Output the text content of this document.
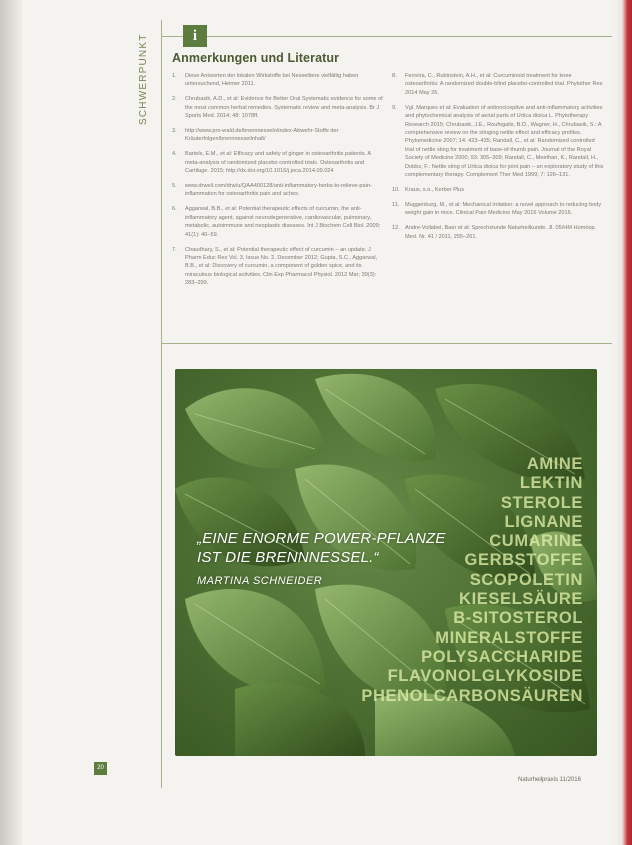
SCHWERPUNKT	i
Anmerkungen und Literatur
1.	Diese Antworten der lokalen Wirkstoffe bei Nesseltiere vielfältig haben untersuchend, Heimer 2011.
2.	Chrubasik, A.D., et al: Evidence for Better Oral Systematic evidence for some of the most common herbal remedies. Systematic review and meta-analysis. Br J Sports Med. 2014; 48: 1078ff.
3.	http://www.pro-wald.de/brennnesseln/index-Abwehr-Stoffe der Kräuterfolgen/brennnesselinhalt/
4.	Bartels, E.M., et al: Efficacy and safety of ginger in osteoarthritis patients. A meta-analysis of randomized placebo controlled trials. Osteoarthritis and Cartilage. 2015; http://dx.doi.org/10.1016/j.joca.2014.09.024
5.	www.drweil.com/drw/u/QAA400128/anti-inflammatory-herbs-to-relieve-pain-inflammation for osteoarthritis pain and aches.
6.	Aggarwal, B.B., et al: Potential therapeutic effects of curcumin, the anti-inflammatory agent, against neurodegenerative, cardiovascular, pulmonary, metabolic, autoimmune and neoplastic diseases. Int J Biochem Cell Biol. 2009; 41(1): 40–59.
7.	Chaudhary, S., et al: Potential therapeutic effect of curcumin – an update. J Pharm Educ Res Vol. 3, Issue No. 2, December 2012; Gupta, S.C., Aggarwal, B.B., et al: Discovery of curcumin, a component of golden spice, and its miraculous biological activities. Clin Exp Pharmacol Physiol. 2012 Mar; 39(3): 283–299.
8.	Ferreira, C., Rubinstein, A.H., et al: Curcuminoid treatment for knee osteoarthritis: A randomized double-blind placebo-controlled trial. Phytother Res 2014 May 26.
9.	Vgl. Marques et al: Evaluation of antinociceptive and anti-inflammatory activities and phytochemical analysis of aerial parts of Urtica dioica L. Phytotherapy Research 2015; Chrubasik, J.E., Roufogalis, B.D., Wagner, H., Chrubasik, S.: A comprehensive review on the stinging nettle effect and efficacy profiles. Phytomedicine 2007; 14: 423–435; Randall, C., et al: Randomized controlled trial of nettle sting for treatment of base-of-thumb pain. Journal of the Royal Society of Medicine 2000; 93: 305–309; Randall, C., Meethan, K., Randall, H., Dobbs, F.: Nettle sting of Urtica dioica for joint pain – an exploratory study of this complementary therapy. Complement Ther Med 1999; 7: 126–131.
10. Kraus, s.o., Kerber Plus
11.	Muggenburg, M., et al: Mechanical irritation: a novel approach to reducing body weight gain in mice. Clinical Pain Medicine May 2016 Volume 2016.
12. Andre-Vollabel, Baer et al: Sprechstunde Naturheilkunde. Jl. 05/HM Homöop. Med. Nr. 41 / 2011, 255–261.
„EINE ENORME POWER-PFLANZE IST DIE BRENNNESSEL.“
MARTINA SCHNEIDER
AMINE
LEKTIN
STEROLE
LIGNANE
CUMARINE
GERBSTOFFE
SCOPOLETIN
KIESELSÄURE
Β-SITOSTEROL
MINERALSTOFFE
POLYSACCHARIDE
FLAVONOLGLYKOSIDE
PHENOLCARBONSÄUREN
20
Naturheilpraxis 11/2016
